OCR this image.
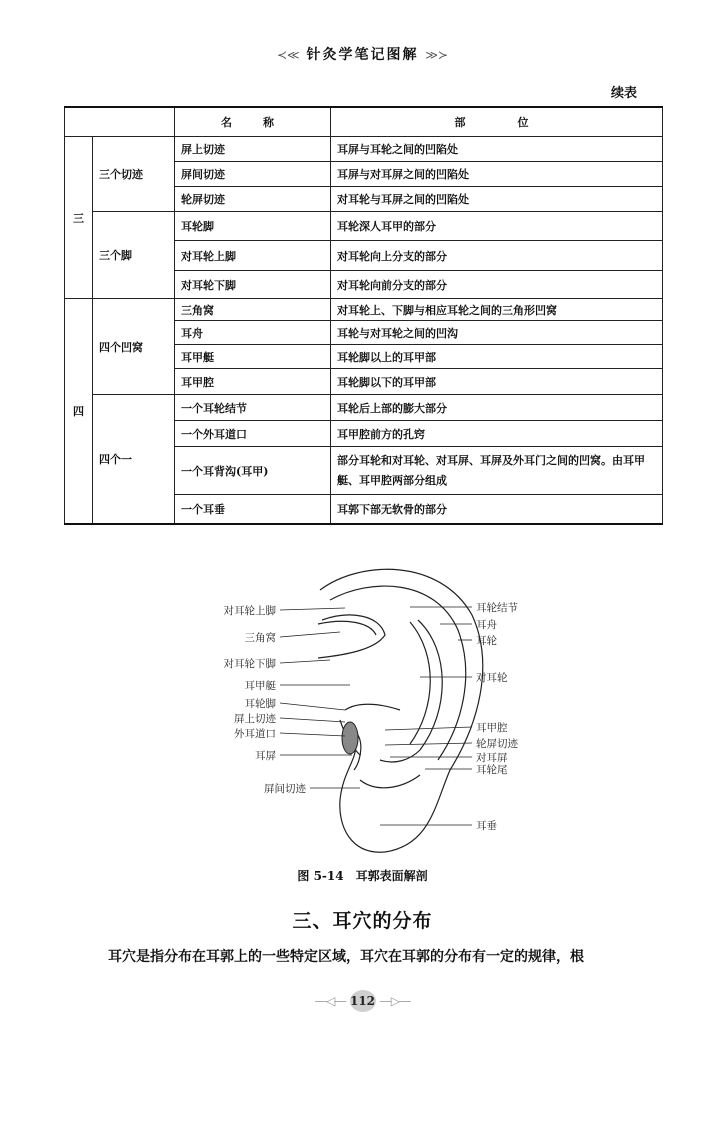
≺≪ 针灸学笔记图解 ≫≻
续表
		名　称	部　　位
三	三个切迹	屏上切迹	耳屏与耳轮之间的凹陷处
		屏间切迹	耳屏与对耳屏之间的凹陷处
		轮屏切迹	对耳轮与耳屏之间的凹陷处
	三个脚	耳轮脚	耳轮深人耳甲的部分
		对耳轮上脚	对耳轮向上分支的部分
		对耳轮下脚	对耳轮向前分支的部分
四	四个凹窝	三角窝	对耳轮上、下脚与相应耳轮之间的三角形凹窝
		耳舟	耳轮与对耳轮之间的凹沟
		耳甲艇	耳轮脚以上的耳甲部
		耳甲腔	耳轮脚以下的耳甲部
	四个一	一个耳轮结节	耳轮后上部的膨大部分
		一个外耳道口	耳甲腔前方的孔窍
		一个耳背沟(耳甲)	部分耳轮和对耳轮、对耳屏、耳屏及外耳门之间的凹窝。由耳甲艇、耳甲腔两部分组成
		一个耳垂	耳郭下部无软骨的部分
对耳轮上脚
三角窝
对耳轮下脚
耳甲艇
耳轮脚
屏上切迹
外耳道口
耳屏
屏间切迹
耳轮结节
耳舟
耳轮
对耳轮
耳甲腔
轮屏切迹
对耳屏
耳轮尾
耳垂
图 5-14　耳郭表面解剖
三、耳穴的分布
耳穴是指分布在耳郭上的一些特定区域，耳穴在耳郭的分布有一定的规律，根
―◁― 112 ―▷―
